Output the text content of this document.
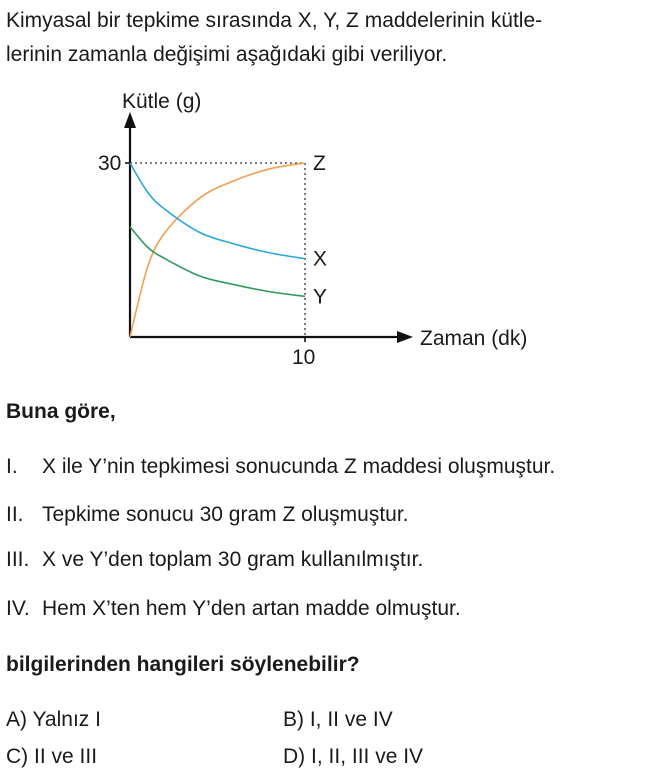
Kimyasal bir tepkime sırasında X, Y, Z maddelerinin kütle-
lerinin zamanla değişimi aşağıdaki gibi veriliyor.

Z
X
Y
Kütle (g)
Zaman (dk)
30
10

Buna göre,

I. X ile Y’nin tepkimesi sonucunda Z maddesi oluşmuştur.

II. Tepkime sonucu 30 gram Z oluşmuştur.

III. X ve Y’den toplam 30 gram kullanılmıştır.

IV. Hem X’ten hem Y’den artan madde olmuştur.

bilgilerinden hangileri söylenebilir?

A) Yalnız I	B) I, II ve IV

C) II ve III	D) I, II, III ve IV
